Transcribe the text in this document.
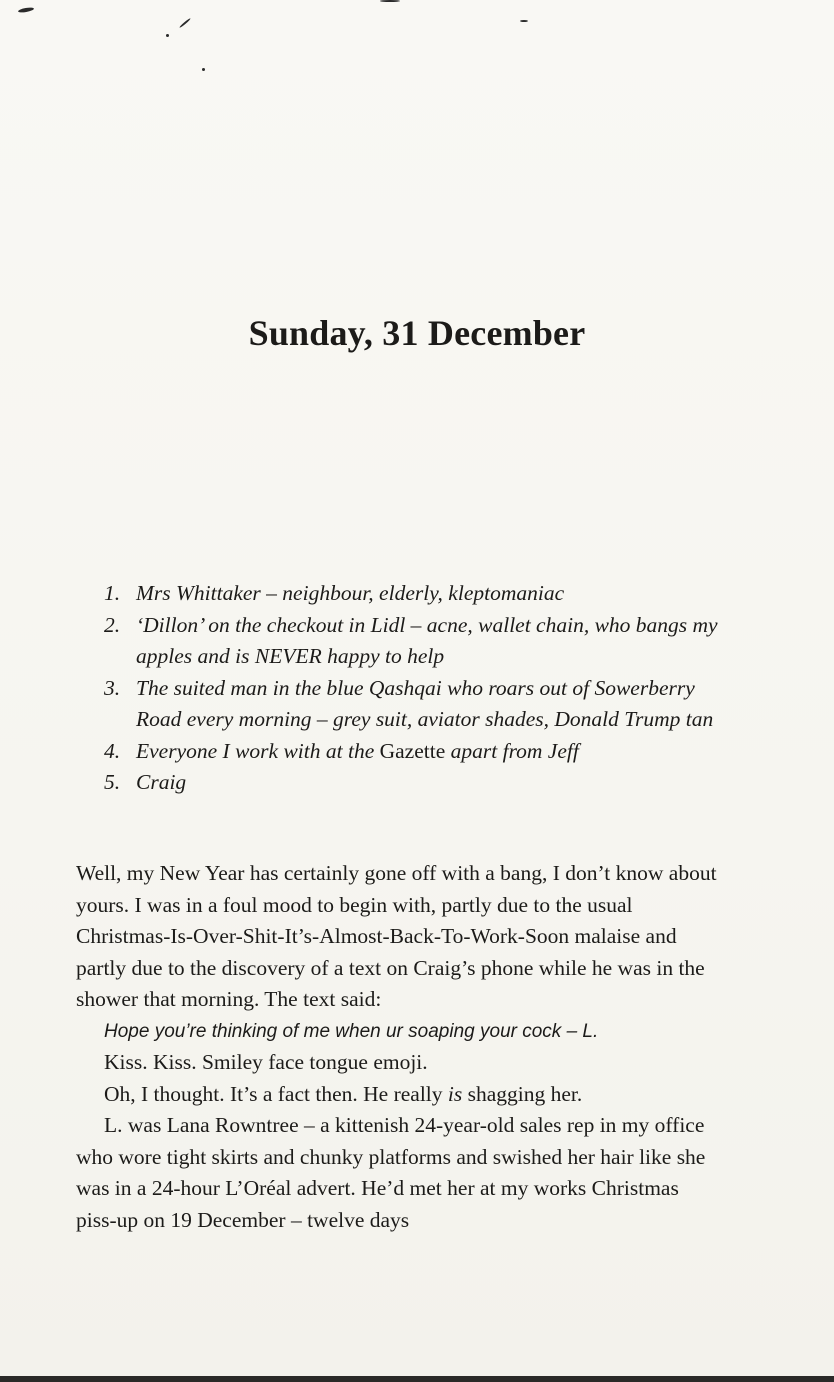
Sunday, 31 December
1. Mrs Whittaker – neighbour, elderly, kleptomaniac
2. ‘Dillon’ on the checkout in Lidl – acne, wallet chain, who bangs my apples and is NEVER happy to help
3. The suited man in the blue Qashqai who roars out of Sowerberry Road every morning – grey suit, aviator shades, Donald Trump tan
4. Everyone I work with at the Gazette apart from Jeff
5. Craig

Well, my New Year has certainly gone off with a bang, I don’t know about yours. I was in a foul mood to begin with, partly due to the usual Christmas-Is-Over-Shit-It’s-Almost-Back-To-Work-Soon malaise and partly due to the discovery of a text on Craig’s phone while he was in the shower that morning. The text said:

Hope you’re thinking of me when ur soaping your cock – L.

Kiss. Kiss. Smiley face tongue emoji.

Oh, I thought. It’s a fact then. He really is shagging her.

L. was Lana Rowntree – a kittenish 24-year-old sales rep in my office who wore tight skirts and chunky platforms and swished her hair like she was in a 24-hour L’Oréal advert. He’d met her at my works Christmas piss-up on 19 December – twelve days
